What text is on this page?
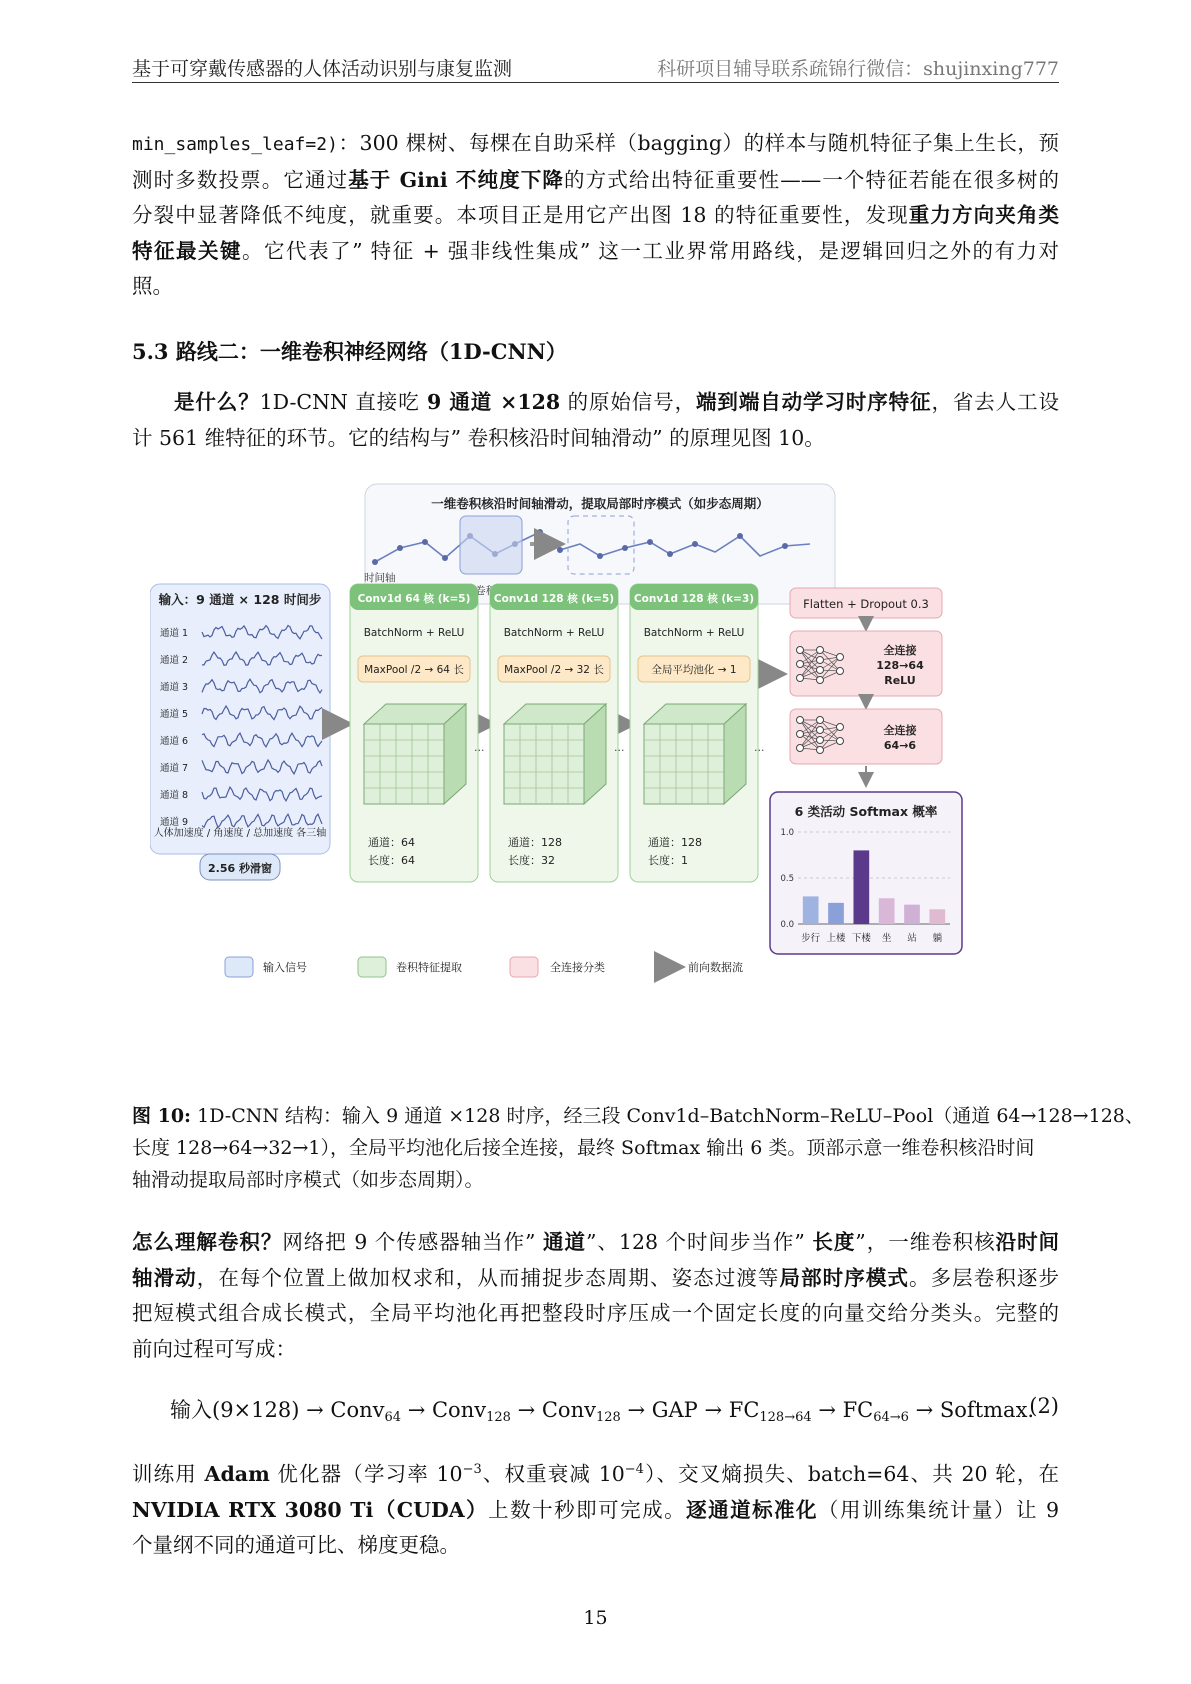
基于可穿戴传感器的人体活动识别与康复监测	科研项目辅导联系疏锦行微信：shujinxing777
min_samples_leaf=2)：300 棵树、每棵在自助采样（bagging）的样本与随机特征子集上生长，预
测时多数投票。它通过基于 Gini 不纯度下降的方式给出特征重要性——一个特征若能在很多树的
分裂中显著降低不纯度，就重要。本项目正是用它产出图 18 的特征重要性，发现重力方向夹角类
特征最关键。它代表了” 特征 + 强非线性集成” 这一工业界常用路线，是逻辑回归之外的有力对
照。
5.3 路线二：一维卷积神经网络（1D-CNN）
是什么？1D-CNN 直接吃 9 通道 ×128 的原始信号，端到端自动学习时序特征，省去人工设
计 561 维特征的环节。它的结构与” 卷积核沿时间轴滑动” 的原理见图 10。
一维卷积核沿时间轴滑动，提取局部时序模式（如步态周期）
时间轴
输入：9 通道 × 128 时间步
通道 1
通道 2
通道 3
通道 5
通道 6
通道 7
通道 8
通道 9
人体加速度 / 角速度 / 总加速度 各三轴
2.56 秒滑窗
Conv1d 64 核 (k=5)
BatchNorm + ReLU
MaxPool /2 → 64 长
···
通道：64
长度：64
Conv1d 128 核 (k=5)
BatchNorm + ReLU
MaxPool /2 → 32 长
···
通道：128
长度：32
Conv1d 128 核 (k=3)
BatchNorm + ReLU
全局平均池化 → 1
···
通道：128
长度：1
Flatten + Dropout 0.3
全连接
128→64
ReLU
全连接
64→6
6 类活动 Softmax 概率
0.0
0.5
1.0
步行 上楼 下楼 坐 站 躺
输入信号	卷积特征提取	全连接分类	前向数据流
图 10: 1D-CNN 结构：输入 9 通道 ×128 时序，经三段 Conv1d–BatchNorm–ReLU–Pool（通道 64→128→128、
长度 128→64→32→1），全局平均池化后接全连接，最终 Softmax 输出 6 类。顶部示意一维卷积核沿时间
轴滑动提取局部时序模式（如步态周期）。
怎么理解卷积？网络把 9 个传感器轴当作” 通道”、128 个时间步当作” 长度”，一维卷积核沿时间
轴滑动，在每个位置上做加权求和，从而捕捉步态周期、姿态过渡等局部时序模式。多层卷积逐步
把短模式组合成长模式，全局平均池化再把整段时序压成一个固定长度的向量交给分类头。完整的
前向过程可写成：
输入(9×128) → Conv$_{64}$ → Conv$_{128}$ → Conv$_{128}$ → GAP → $FC_{128\to 64} \to FC_{64\to 6}$ → Softmax.
(2)
训练用 Adam 优化器（学习率 $10^{-3}$、权重衰减 $10^{-4}$）、交叉熵损失、batch=64、共 20 轮，在
NVIDIA RTX 3080 Ti（CUDA）上数十秒即可完成。逐通道标准化（用训练集统计量）让 9
个量纲不同的通道可比、梯度更稳。
15
